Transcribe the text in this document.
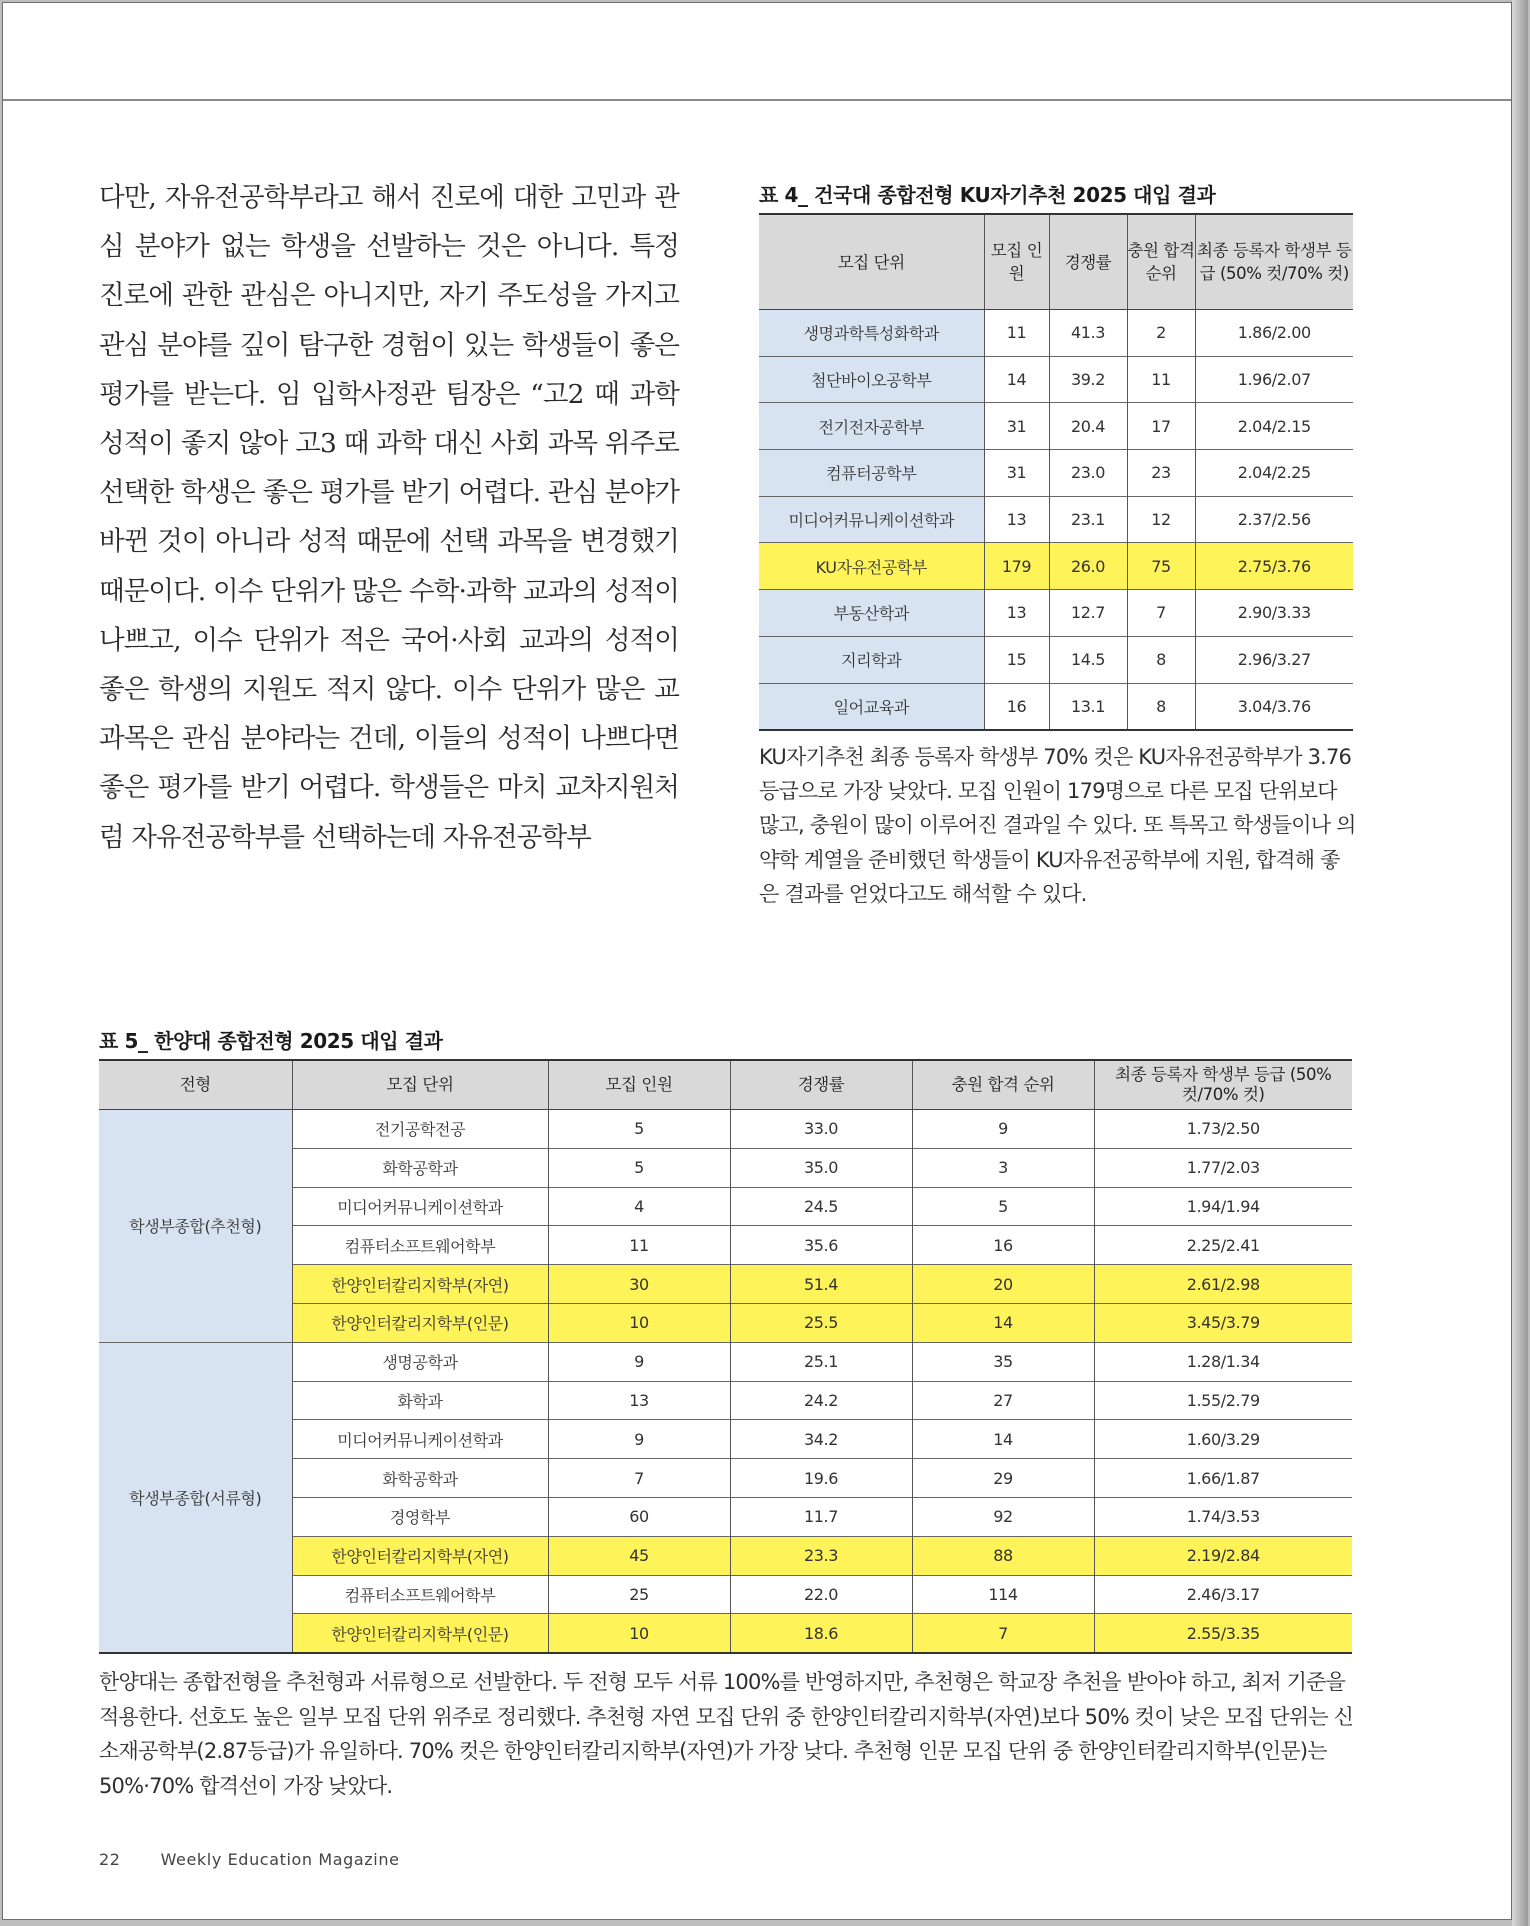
다만, 자유전공학부라고 해서 진로에 대한 고민과 관심 분야가 없는 학생을 선발하는 것은 아니다. 특정 진로에 관한 관심은 아니지만, 자기 주도성을 가지고 관심 분야를 깊이 탐구한 경험이 있는 학생들이 좋은 평가를 받는다. 임 입학사정관 팀장은 “고2 때 과학 성적이 좋지 않아 고3 때 과학 대신 사회 과목 위주로 선택한 학생은 좋은 평가를 받기 어렵다. 관심 분야가 바뀐 것이 아니라 성적 때문에 선택 과목을 변경했기 때문이다. 이수 단위가 많은 수학·과학 교과의 성적이 나쁘고, 이수 단위가 적은 국어·사회 교과의 성적이 좋은 학생의 지원도 적지 않다. 이수 단위가 많은 교과목은 관심 분야라는 건데, 이들의 성적이 나쁘다면 좋은 평가를 받기 어렵다. 학생들은 마치 교차지원처럼 자유전공학부를 선택하는데 자유전공학부

표 4_ 건국대 종합전형 KU자기추천 2025 대입 결과
모집 단위	모집 인원	경쟁률	충원 합격 순위	최종 등록자 학생부 등급 (50% 컷/70% 컷)
생명과학특성화학과	11	41.3	2	1.86/2.00
첨단바이오공학부	14	39.2	11	1.96/2.07
전기전자공학부	31	20.4	17	2.04/2.15
컴퓨터공학부	31	23.0	23	2.04/2.25
미디어커뮤니케이션학과	13	23.1	12	2.37/2.56
KU자유전공학부	179	26.0	75	2.75/3.76
부동산학과	13	12.7	7	2.90/3.33
지리학과	15	14.5	8	2.96/3.27
일어교육과	16	13.1	8	3.04/3.76

KU자기추천 최종 등록자 학생부 70% 컷은 KU자유전공학부가 3.76등급으로 가장 낮았다. 모집 인원이 179명으로 다른 모집 단위보다 많고, 충원이 많이 이루어진 결과일 수 있다. 또 특목고 학생들이나 의약학 계열을 준비했던 학생들이 KU자유전공학부에 지원, 합격해 좋은 결과를 얻었다고도 해석할 수 있다.

표 5_ 한양대 종합전형 2025 대입 결과
전형	모집 단위	모집 인원	경쟁률	충원 합격 순위	최종 등록자 학생부 등급 (50% 컷/70% 컷)
학생부종합(추천형)	전기공학전공	5	33.0	9	1.73/2.50
	화학공학과	5	35.0	3	1.77/2.03
	미디어커뮤니케이션학과	4	24.5	5	1.94/1.94
	컴퓨터소프트웨어학부	11	35.6	16	2.25/2.41
	한양인터칼리지학부(자연)	30	51.4	20	2.61/2.98
	한양인터칼리지학부(인문)	10	25.5	14	3.45/3.79
학생부종합(서류형)	생명공학과	9	25.1	35	1.28/1.34
	화학과	13	24.2	27	1.55/2.79
	미디어커뮤니케이션학과	9	34.2	14	1.60/3.29
	화학공학과	7	19.6	29	1.66/1.87
	경영학부	60	11.7	92	1.74/3.53
	한양인터칼리지학부(자연)	45	23.3	88	2.19/2.84
	컴퓨터소프트웨어학부	25	22.0	114	2.46/3.17
	한양인터칼리지학부(인문)	10	18.6	7	2.55/3.35

한양대는 종합전형을 추천형과 서류형으로 선발한다. 두 전형 모두 서류 100%를 반영하지만, 추천형은 학교장 추천을 받아야 하고, 최저 기준을 적용한다. 선호도 높은 일부 모집 단위 위주로 정리했다. 추천형 자연 모집 단위 중 한양인터칼리지학부(자연)보다 50% 컷이 낮은 모집 단위는 신소재공학부(2.87등급)가 유일하다. 70% 컷은 한양인터칼리지학부(자연)가 가장 낮다. 추천형 인문 모집 단위 중 한양인터칼리지학부(인문)는 50%·70% 합격선이 가장 낮았다.

22	Weekly Education Magazine
